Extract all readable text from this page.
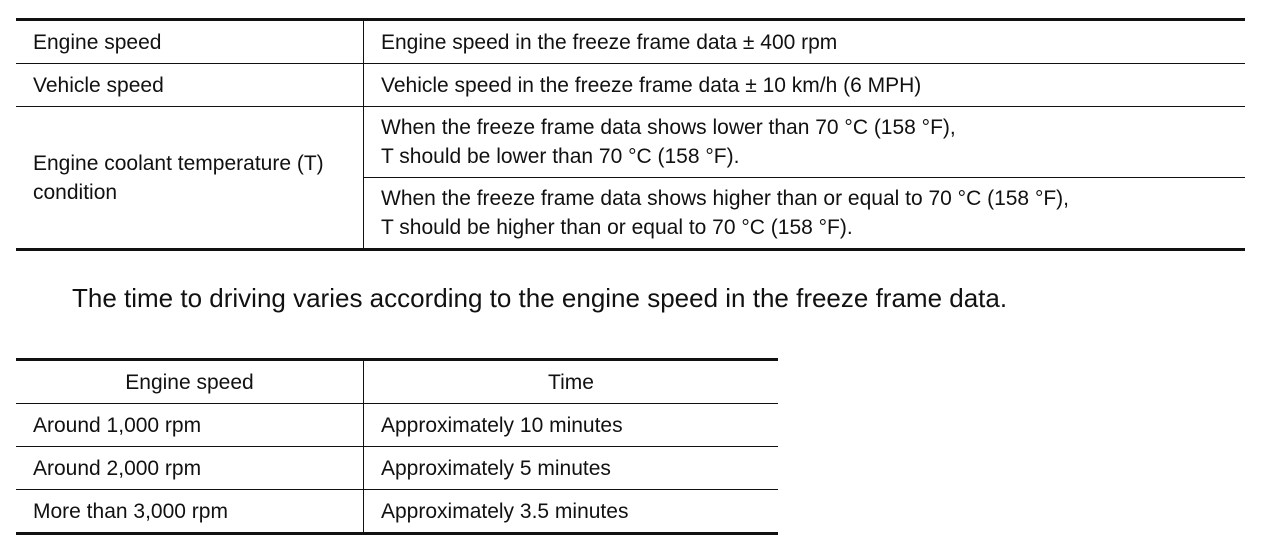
Engine speed	Engine speed in the freeze frame data ± 400 rpm
Vehicle speed	Vehicle speed in the freeze frame data ± 10 km/h (6 MPH)

Engine coolant temperature (T)
condition	When the freeze frame data shows lower than 70 °C (158 °F),
T should be lower than 70 °C (158 °F).

	When the freeze frame data shows higher than or equal to 70 °C (158 °F),
T should be higher than or equal to 70 °C (158 °F).
The time to driving varies according to the engine speed in the freeze frame data.
Engine speed	Time
Around 1,000 rpm	Approximately 10 minutes
Around 2,000 rpm	Approximately 5 minutes
More than 3,000 rpm	Approximately 3.5 minutes
